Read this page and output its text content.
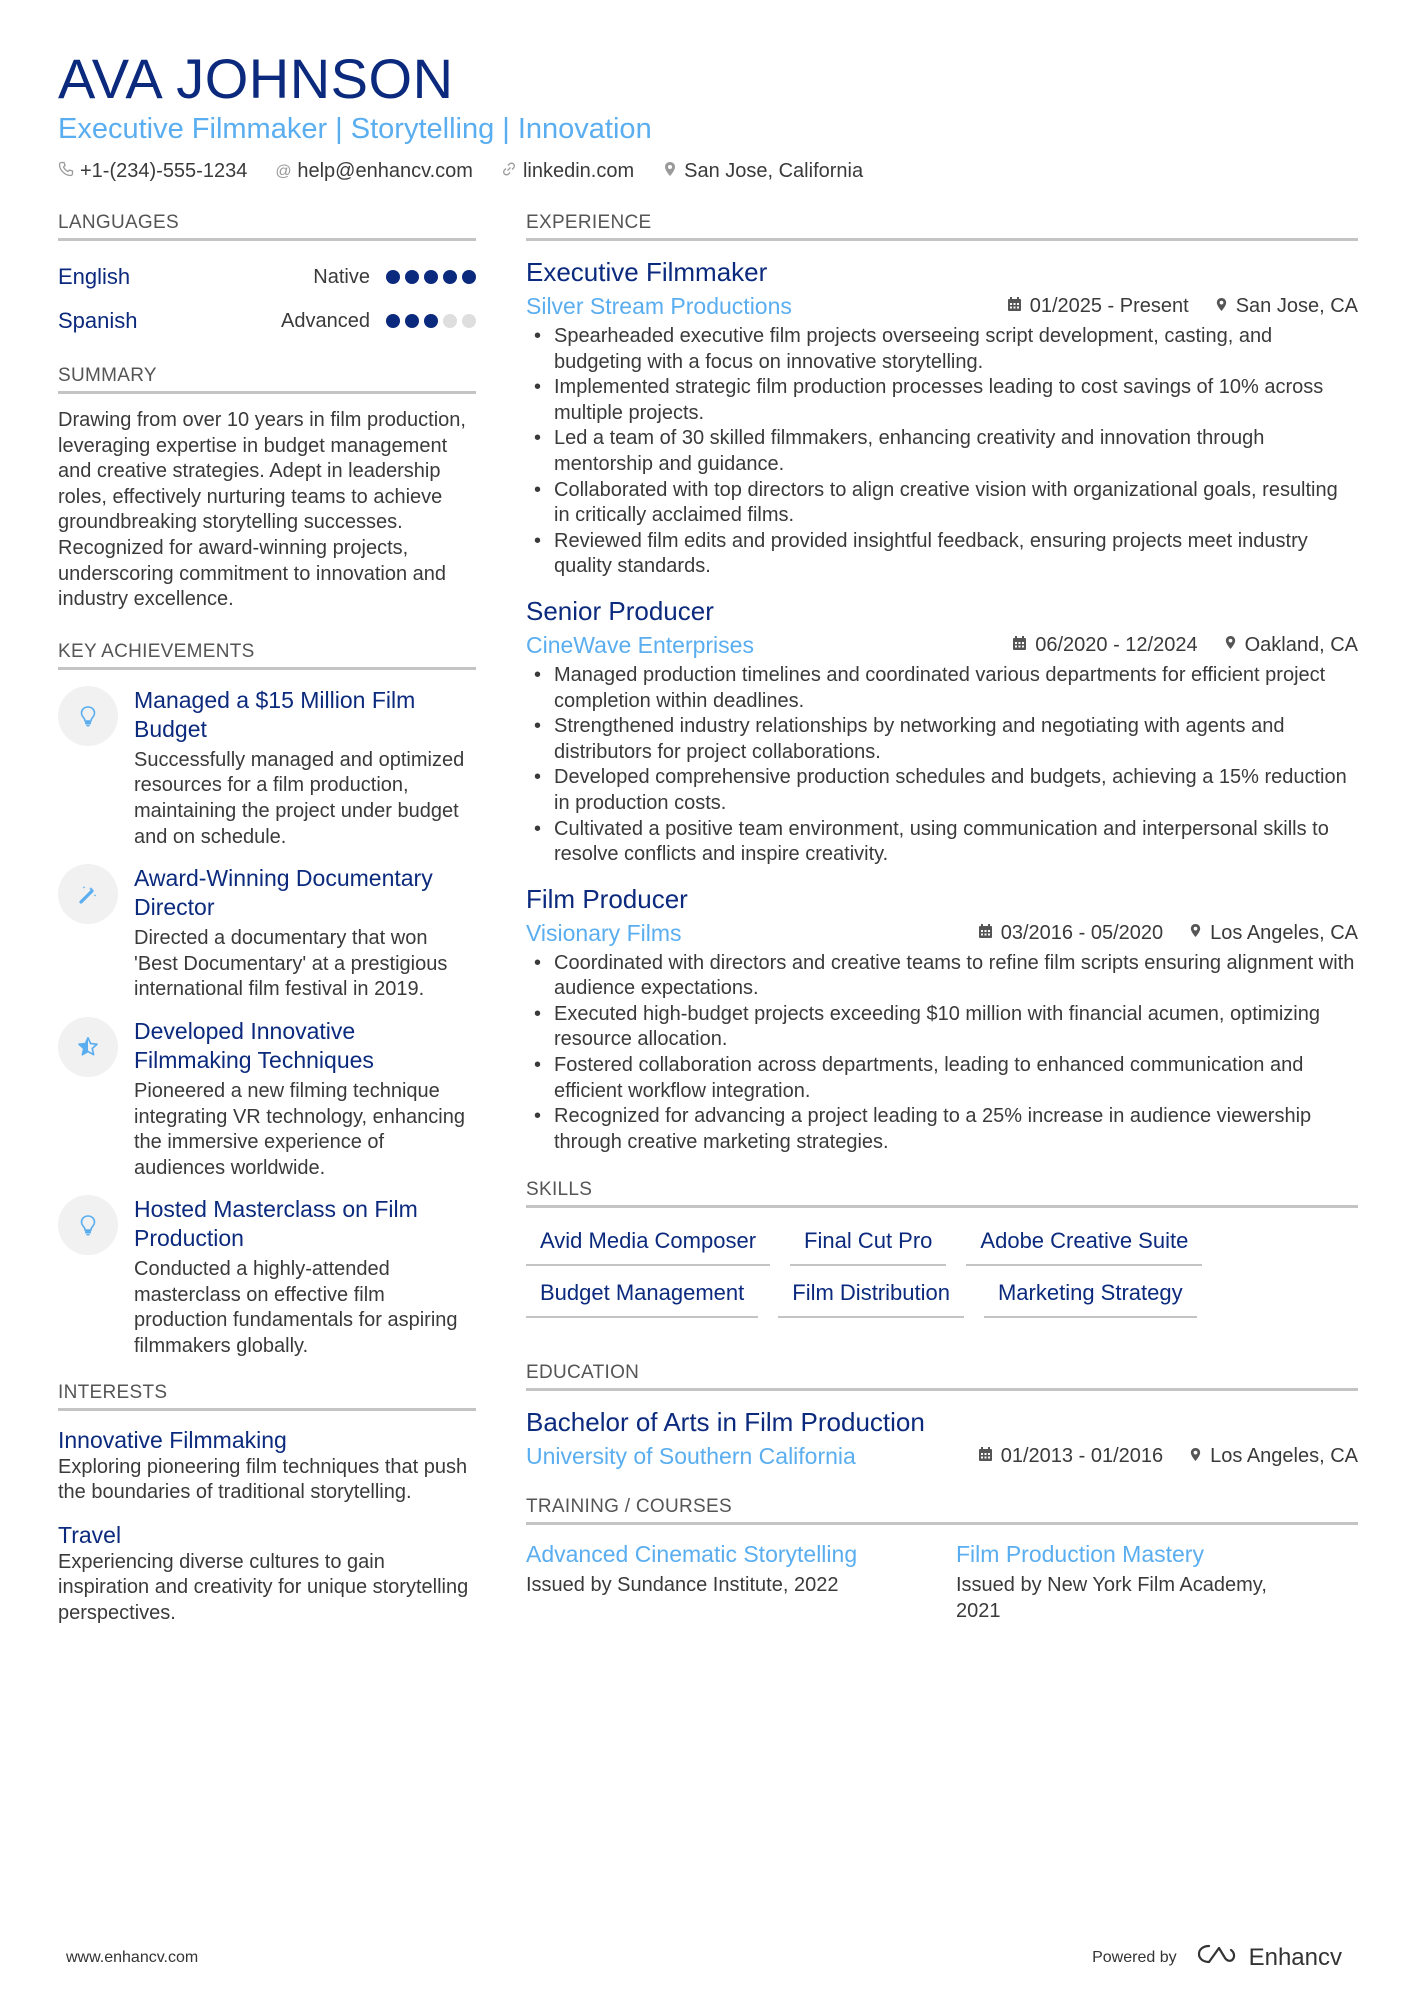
AVA JOHNSON
Executive Filmmaker | Storytelling | Innovation
+1-(234)-555-1234 @ help@enhancv.com	linkedin.com	San Jose, California
LANGUAGES
English	Native
Spanish	Advanced
SUMMARY

Drawing from over 10 years in film production, leveraging expertise in budget management and creative strategies. Adept in leadership roles, effectively nurturing teams to achieve groundbreaking storytelling successes. Recognized for award-winning projects, underscoring commitment to innovation and industry excellence.

KEY ACHIEVEMENTS
Managed a $15 Million Film Budget
Successfully managed and optimized resources for a film production, maintaining the project under budget and on schedule.
Award-Winning Documentary Director
Directed a documentary that won 'Best Documentary' at a prestigious international film festival in 2019.
Developed Innovative Filmmaking Techniques
Pioneered a new filming technique integrating VR technology, enhancing the immersive experience of audiences worldwide.
Hosted Masterclass on Film Production
Conducted a highly-attended masterclass on effective film production fundamentals for aspiring filmmakers globally.
INTERESTS
Innovative Filmmaking
Exploring pioneering film techniques that push the boundaries of traditional storytelling.
Travel
Experiencing diverse cultures to gain inspiration and creativity for unique storytelling perspectives.
EXPERIENCE
Executive Filmmaker
Silver Stream Productions	01/2025 - Present San Jose, CA
• Spearheaded executive film projects overseeing script development, casting, and budgeting with a focus on innovative storytelling.
• Implemented strategic film production processes leading to cost savings of 10% across multiple projects.
• Led a team of 30 skilled filmmakers, enhancing creativity and innovation through mentorship and guidance.
• Collaborated with top directors to align creative vision with organizational goals, resulting in critically acclaimed films.
• Reviewed film edits and provided insightful feedback, ensuring projects meet industry quality standards.
Senior Producer
CineWave Enterprises	06/2020 - 12/2024 Oakland, CA
• Managed production timelines and coordinated various departments for efficient project completion within deadlines.
• Strengthened industry relationships by networking and negotiating with agents and distributors for project collaborations.
• Developed comprehensive production schedules and budgets, achieving a 15% reduction in production costs.
• Cultivated a positive team environment, using communication and interpersonal skills to resolve conflicts and inspire creativity.
Film Producer
Visionary Films	03/2016 - 05/2020 Los Angeles, CA
• Coordinated with directors and creative teams to refine film scripts ensuring alignment with audience expectations.
• Executed high-budget projects exceeding $10 million with financial acumen, optimizing resource allocation.
• Fostered collaboration across departments, leading to enhanced communication and efficient workflow integration.
• Recognized for advancing a project leading to a 25% increase in audience viewership through creative marketing strategies.
SKILLS
Avid Media Composer	Final Cut Pro	Adobe Creative Suite
Budget Management	Film Distribution	Marketing Strategy
EDUCATION
Bachelor of Arts in Film Production
University of Southern California	01/2013 - 01/2016 Los Angeles, CA
TRAINING / COURSES
Advanced Cinematic Storytelling
Issued by Sundance Institute, 2022
Film Production Mastery
Issued by New York Film Academy, 2021
www.enhancv.com	Powered by	Enhancv
